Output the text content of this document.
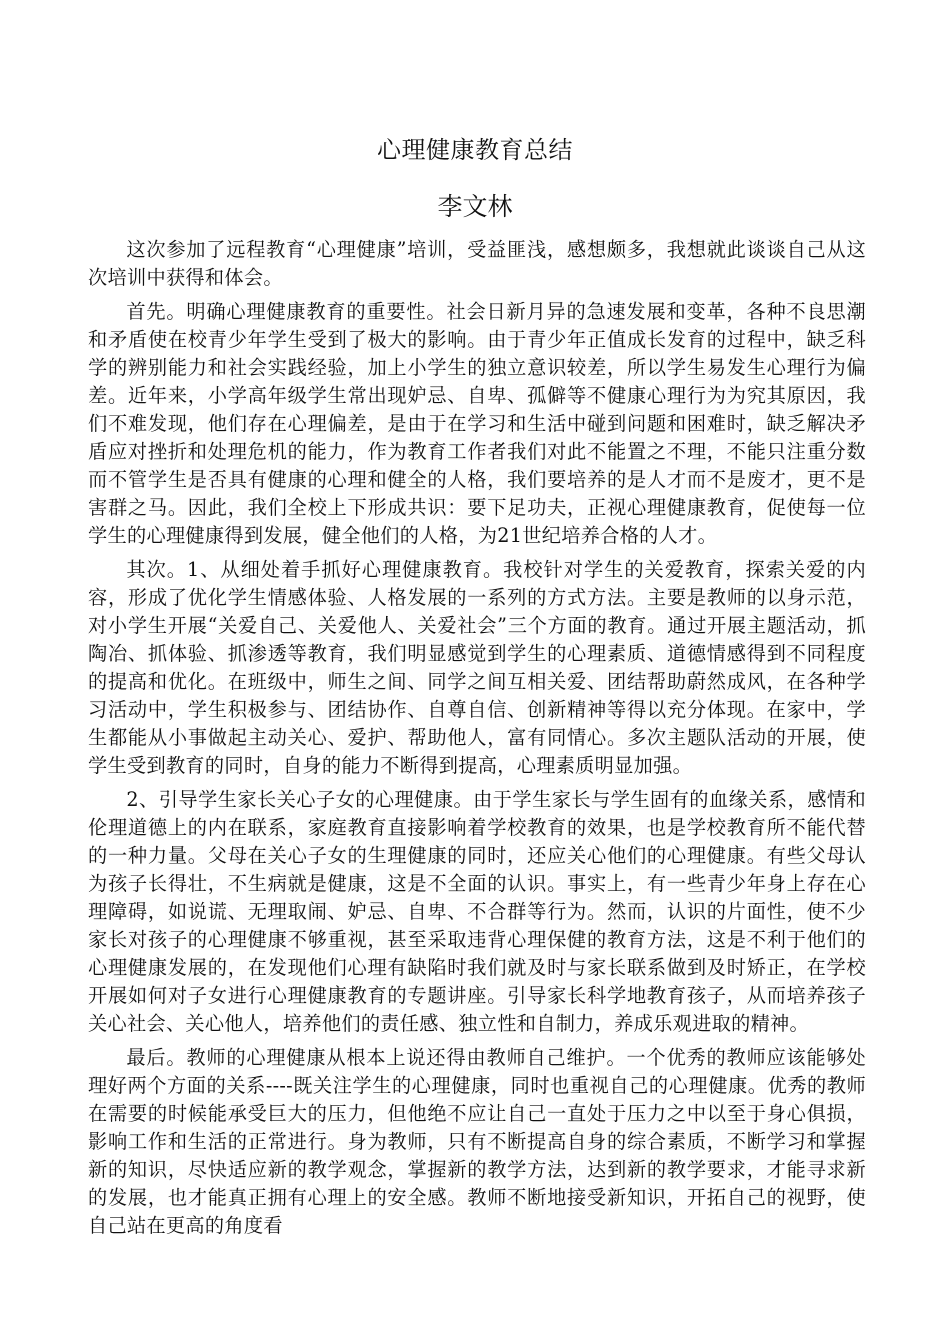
心理健康教育总结
李文林

这次参加了远程教育“心理健康”培训，受益匪浅，感想颇多，我想就此谈谈自己从这次培训中获得和体会。

首先。明确心理健康教育的重要性。社会日新月异的急速发展和变革，各种不良思潮和矛盾使在校青少年学生受到了极大的影响。由于青少年正值成长发育的过程中，缺乏科学的辨别能力和社会实践经验，加上小学生的独立意识较差，所以学生易发生心理行为偏差。近年来，小学高年级学生常出现妒忌、自卑、孤僻等不健康心理行为为究其原因，我们不难发现，他们存在心理偏差，是由于在学习和生活中碰到问题和困难时，缺乏解决矛盾应对挫折和处理危机的能力，作为教育工作者我们对此不能置之不理，不能只注重分数而不管学生是否具有健康的心理和健全的人格，我们要培养的是人才而不是废才，更不是害群之马。因此，我们全校上下形成共识：要下足功夫，正视心理健康教育，促使每一位学生的心理健康得到发展，健全他们的人格，为21世纪培养合格的人才。

其次。1、从细处着手抓好心理健康教育。我校针对学生的关爱教育，探索关爱的内容，形成了优化学生情感体验、人格发展的一系列的方式方法。主要是教师的以身示范，对小学生开展“关爱自己、关爱他人、关爱社会”三个方面的教育。通过开展主题活动，抓陶冶、抓体验、抓渗透等教育，我们明显感觉到学生的心理素质、道德情感得到不同程度的提高和优化。在班级中，师生之间、同学之间互相关爱、团结帮助蔚然成风，在各种学习活动中，学生积极参与、团结协作、自尊自信、创新精神等得以充分体现。在家中，学生都能从小事做起主动关心、爱护、帮助他人，富有同情心。多次主题队活动的开展，使学生受到教育的同时，自身的能力不断得到提高，心理素质明显加强。

2、引导学生家长关心子女的心理健康。由于学生家长与学生固有的血缘关系，感情和伦理道德上的内在联系，家庭教育直接影响着学校教育的效果，也是学校教育所不能代替的一种力量。父母在关心子女的生理健康的同时，还应关心他们的心理健康。有些父母认为孩子长得壮，不生病就是健康，这是不全面的认识。事实上，有一些青少年身上存在心理障碍，如说谎、无理取闹、妒忌、自卑、不合群等行为。然而，认识的片面性，使不少家长对孩子的心理健康不够重视，甚至采取违背心理保健的教育方法，这是不利于他们的心理健康发展的，在发现他们心理有缺陷时我们就及时与家长联系做到及时矫正，在学校开展如何对子女进行心理健康教育的专题讲座。引导家长科学地教育孩子，从而培养孩子关心社会、关心他人，培养他们的责任感、独立性和自制力，养成乐观进取的精神。

最后。教师的心理健康从根本上说还得由教师自己维护。一个优秀的教师应该能够处理好两个方面的关系----既关注学生的心理健康，同时也重视自己的心理健康。优秀的教师在需要的时候能承受巨大的压力，但他绝不应让自己一直处于压力之中以至于身心俱损，影响工作和生活的正常进行。身为教师，只有不断提高自身的综合素质，不断学习和掌握新的知识，尽快适应新的教学观念，掌握新的教学方法，达到新的教学要求，才能寻求新的发展，也才能真正拥有心理上的安全感。教师不断地接受新知识，开拓自己的视野，使自己站在更高的角度看
